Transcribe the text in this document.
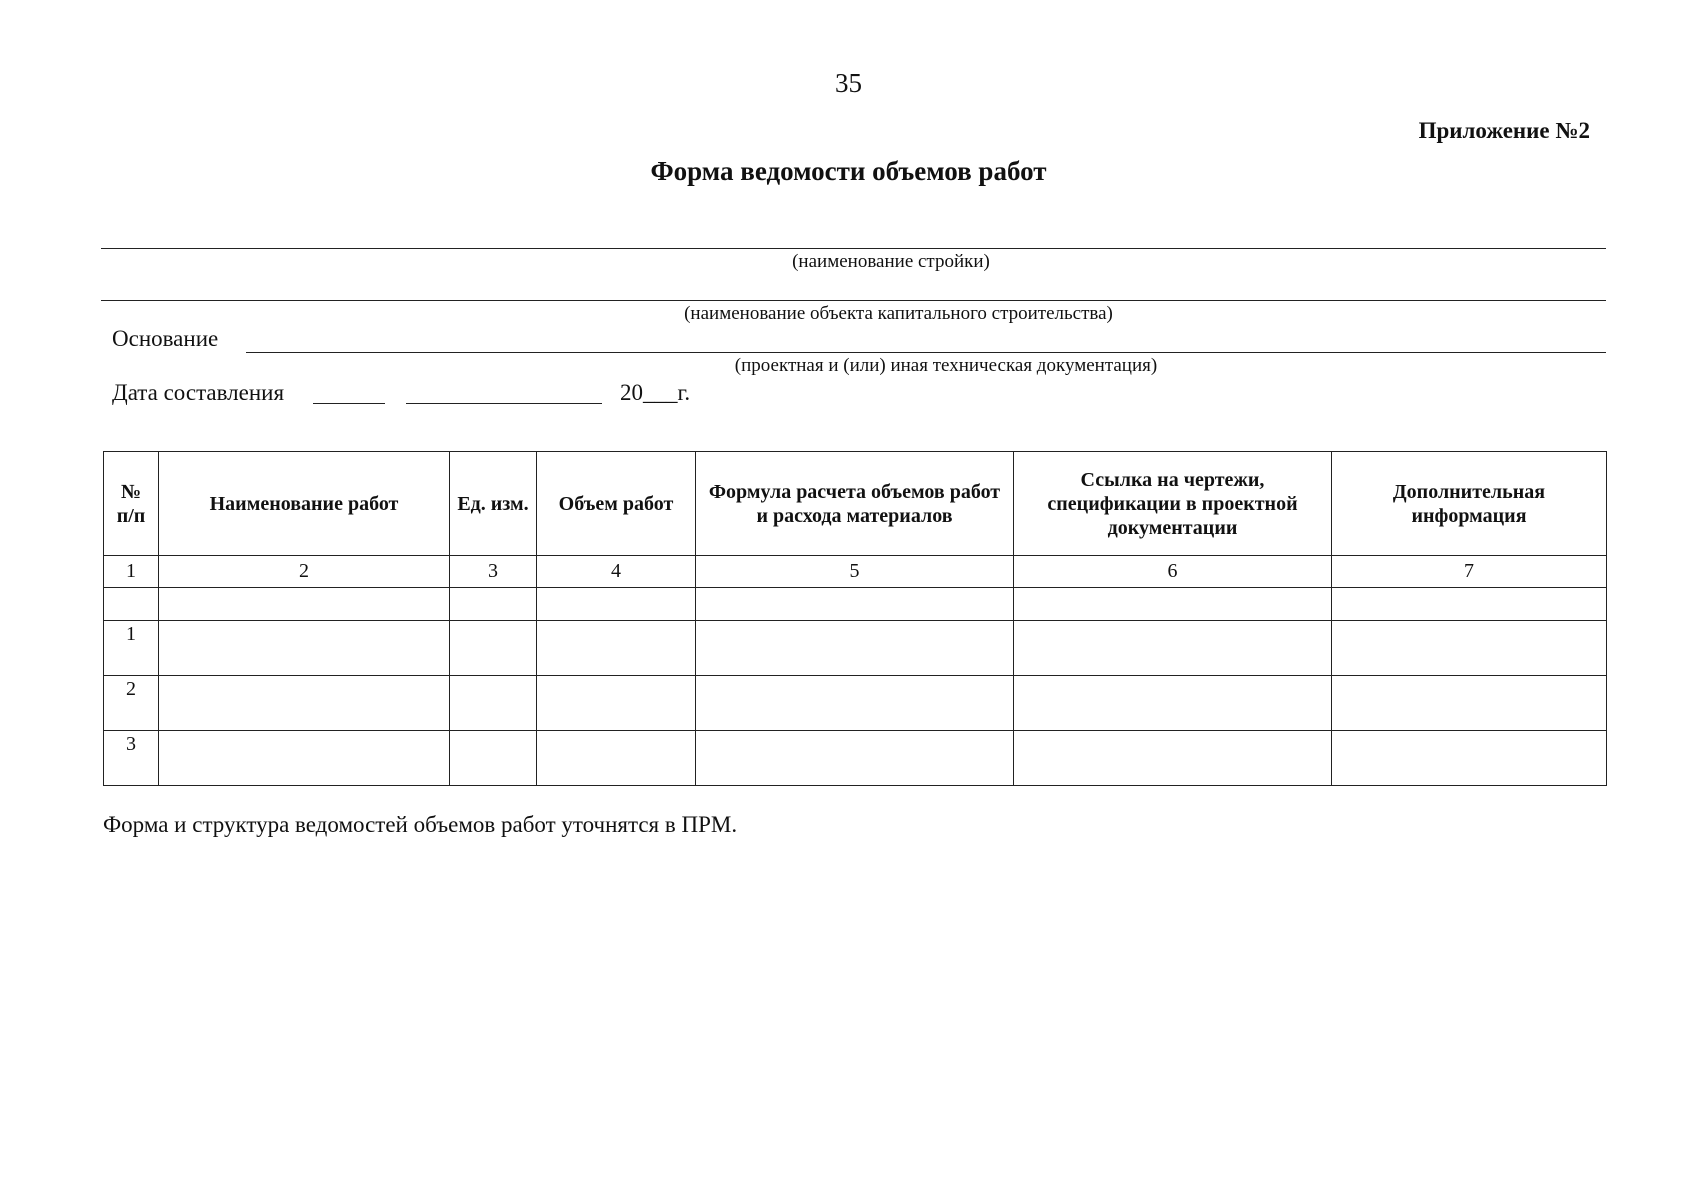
35
Приложение №2
Форма ведомости объемов работ
(наименование стройки)
(наименование объекта капитального строительства)
Основание
(проектная и (или) иная техническая документация)
Дата составления	20___г.
№ п/п	Наименование работ	Ед. изм.	Объем работ	Формула расчета объемов работ и расхода материалов	Ссылка на чертежи, спецификации в проектной документации	Дополнительная информация
1	2	3	4	5	6	7

1						
2						
3						
Форма и структура ведомостей объемов работ уточнятся в ПРМ.
